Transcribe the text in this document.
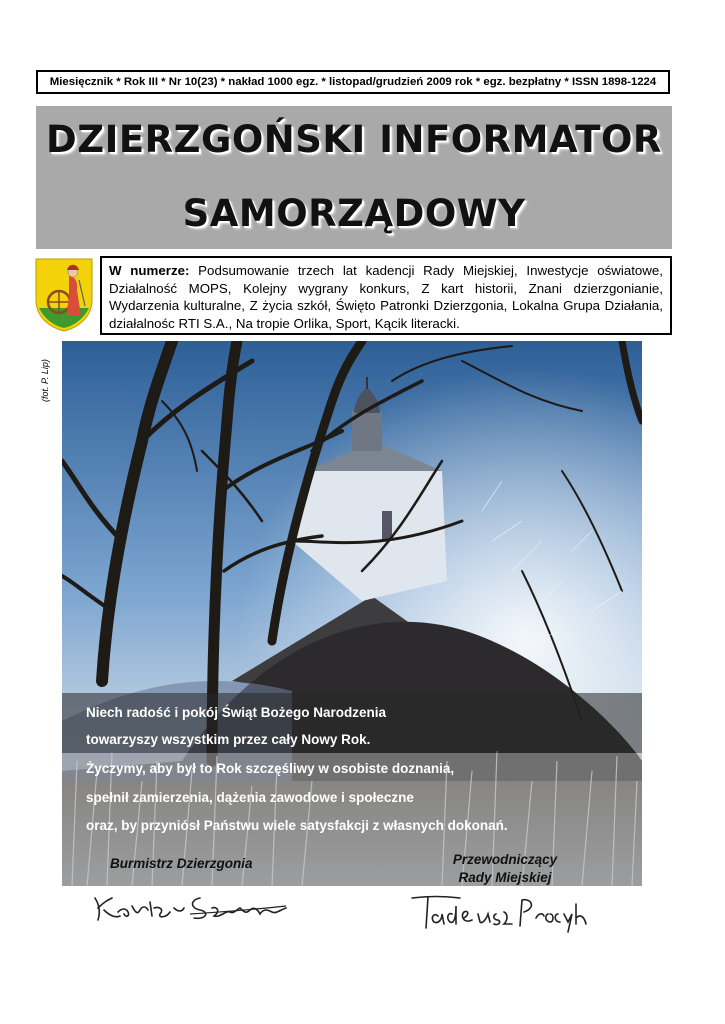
Miesięcznik * Rok III * Nr 10(23) * nakład 1000 egz. * listopad/grudzień 2009 rok * egz. bezpłatny * ISSN 1898-1224
DZIERZGOŃSKI INFORMATOR
SAMORZĄDOWY
W numerze: Podsumowanie trzech lat kadencji Rady Miejskiej, Inwestycje oświatowe, Działalność MOPS, Kolejny wygrany konkurs, Z kart historii, Znani dzierzgonianie, Wydarzenia kulturalne, Z życia szkół, Święto Patronki Dzierzgonia, Lokalna Grupa Działania, działalnośc RTI S.A., Na tropie Orlika, Sport, Kącik literacki.
(fot. P. Lip)
Niech radość i pokój Świąt Bożego Narodzenia
towarzyszy wszystkim przez cały Nowy Rok.
Życzymy, aby był to Rok szczęśliwy w osobiste doznania,
spełnił zamierzenia, dążenia zawodowe i społeczne
oraz, by przyniósł Państwu wiele satysfakcji z własnych dokonań.
Burmistrz Dzierzgonia	Przewodniczący
Rady Miejskiej
